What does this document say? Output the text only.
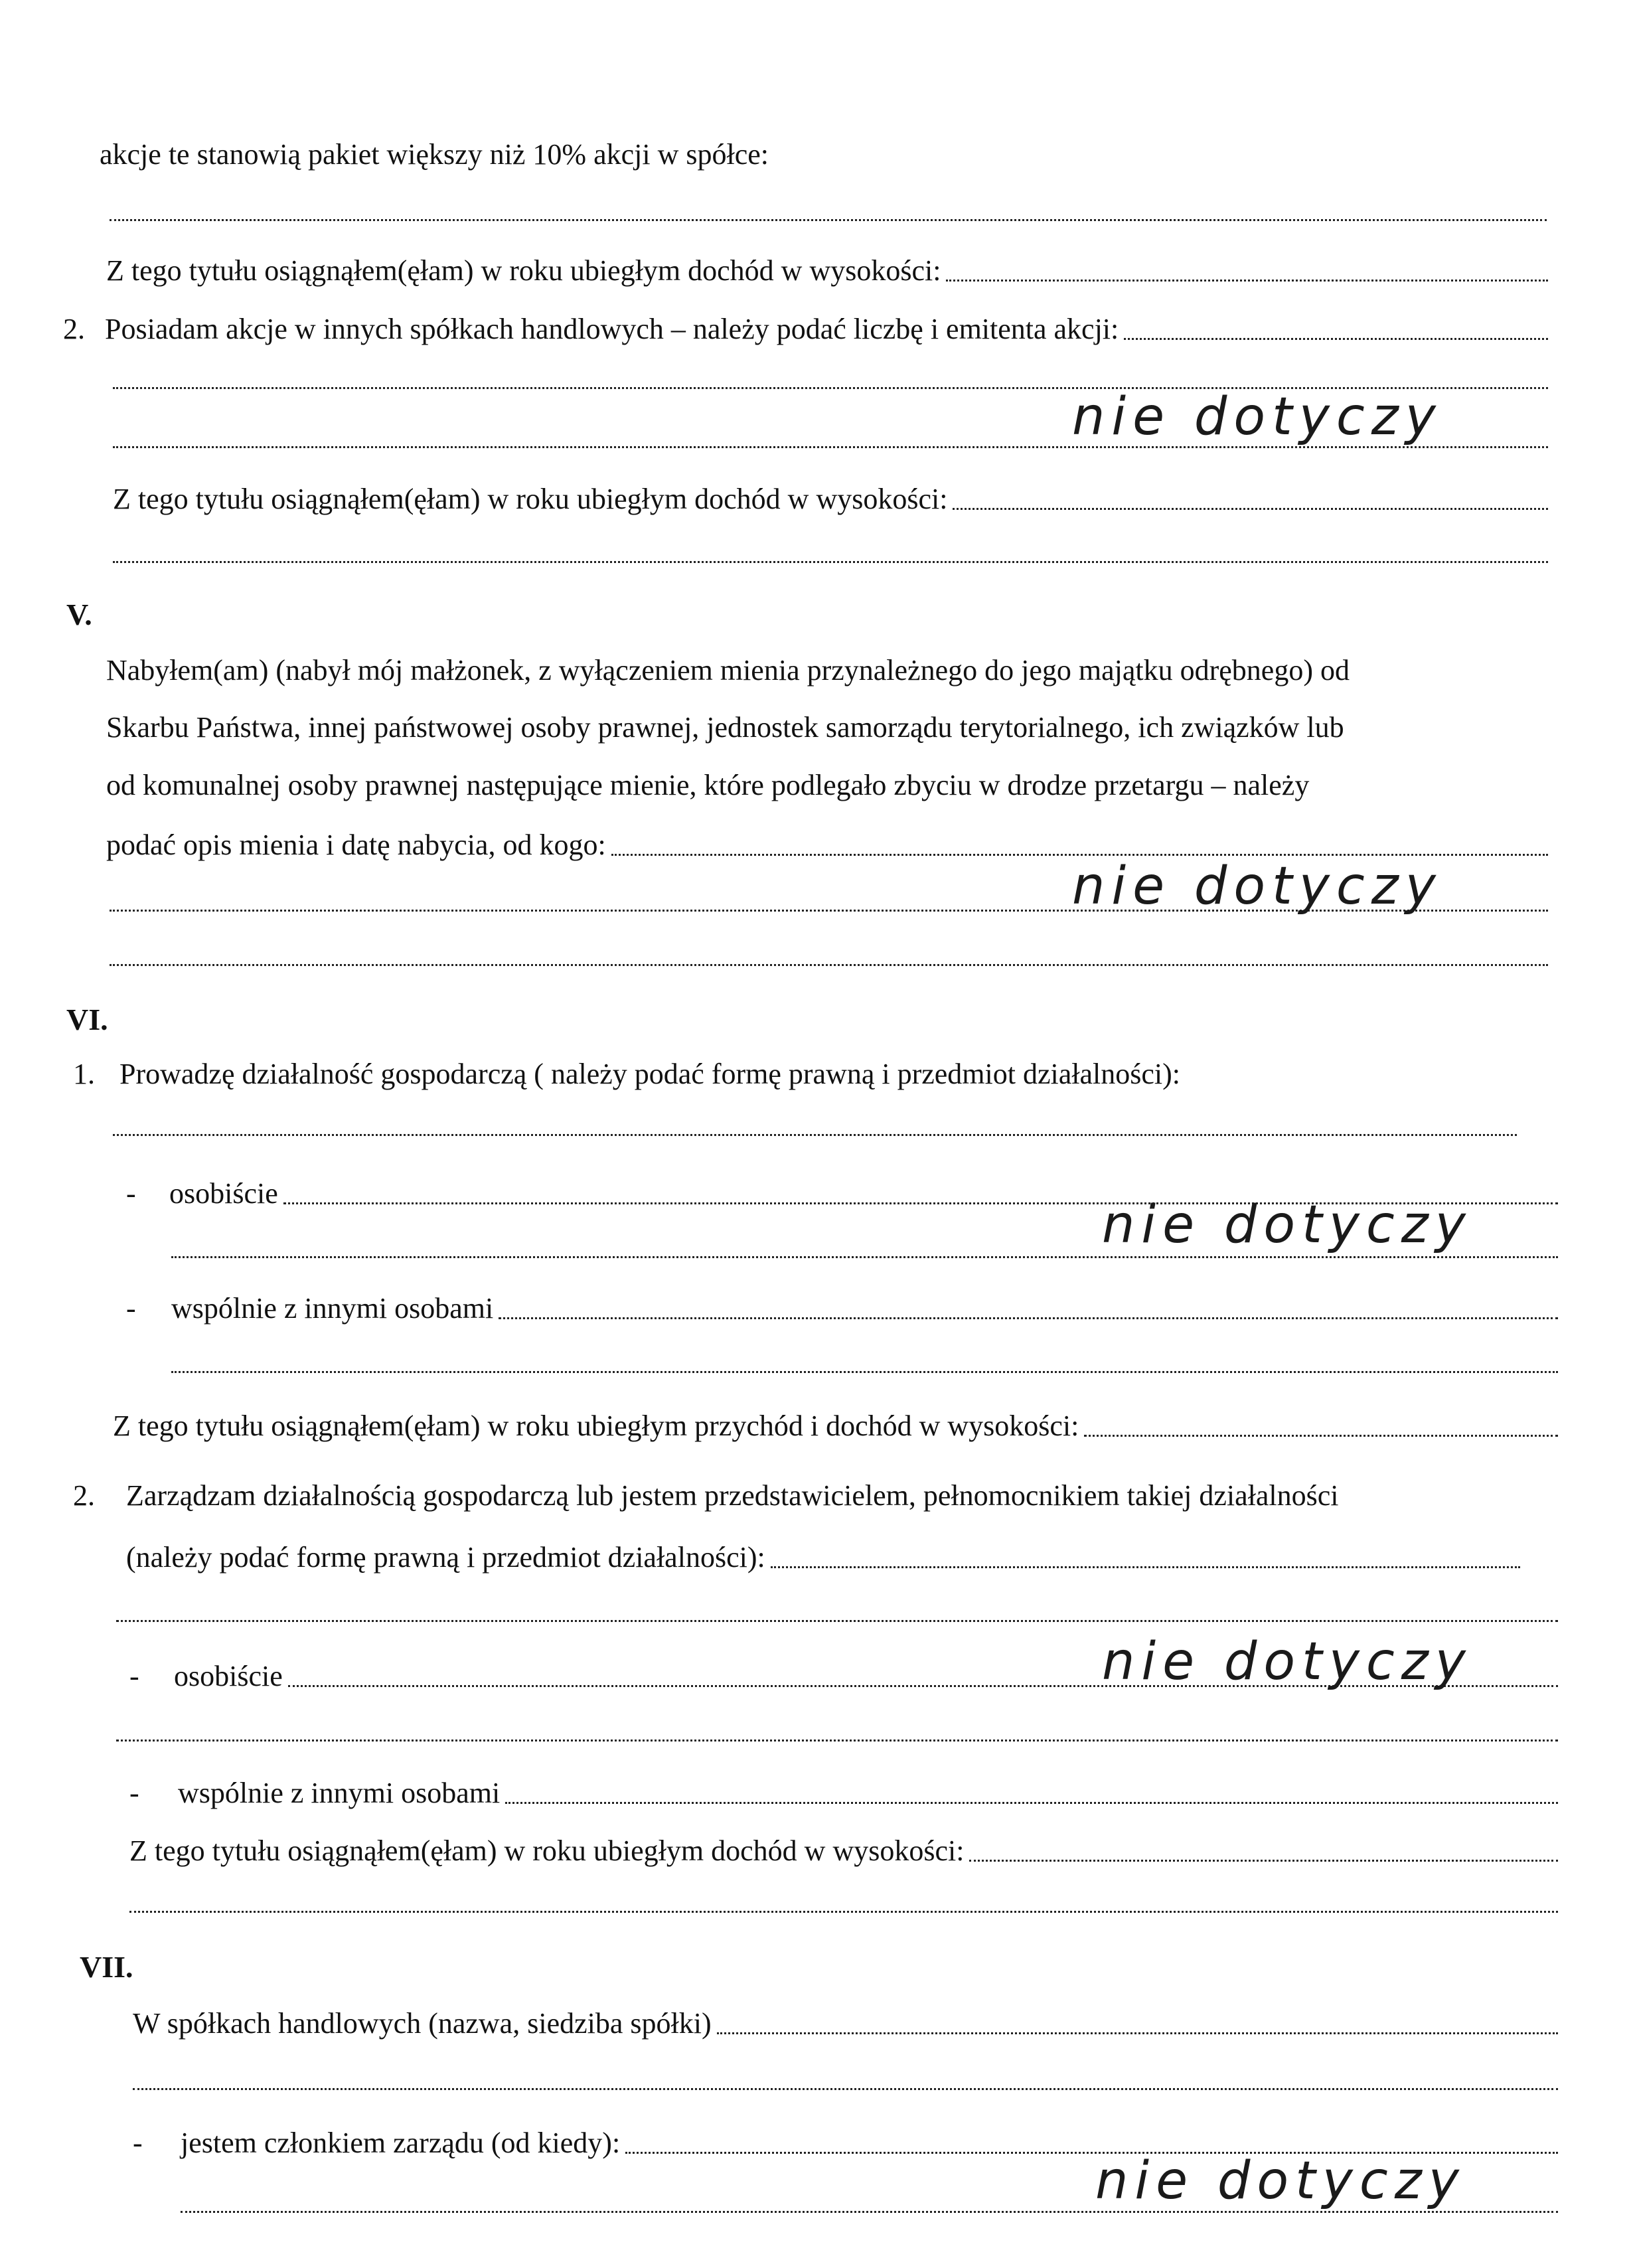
akcje te stanowią pakiet większy niż 10% akcji w spółce:
Z tego tytułu osiągnąłem(ęłam) w roku ubiegłym dochód w wysokości:
2. Posiadam akcje w innych spółkach handlowych – należy podać liczbę i emitenta akcji:
nie dotyczy
Z tego tytułu osiągnąłem(ęłam) w roku ubiegłym dochód w wysokości:
V.
Nabyłem(am) (nabył mój małżonek, z wyłączeniem mienia przynależnego do jego majątku odrębnego) od
Skarbu Państwa, innej państwowej osoby prawnej, jednostek samorządu terytorialnego, ich związków lub
od komunalnej osoby prawnej następujące mienie, które podlegało zbyciu w drodze przetargu – należy
podać opis mienia i datę nabycia, od kogo:
nie dotyczy
VI.
1. Prowadzę działalność gospodarczą ( należy podać formę prawną i przedmiot działalności):
- osobiście
nie dotyczy
- wspólnie z innymi osobami
Z tego tytułu osiągnąłem(ęłam) w roku ubiegłym przychód i dochód w wysokości:
2. Zarządzam działalnością gospodarczą lub jestem przedstawicielem, pełnomocnikiem takiej działalności
(należy podać formę prawną i przedmiot działalności):
- osobiście	nie dotyczy
- wspólnie z innymi osobami
Z tego tytułu osiągnąłem(ęłam) w roku ubiegłym dochód w wysokości:
VII.
W spółkach handlowych (nazwa, siedziba spółki)
- jestem członkiem zarządu (od kiedy):
nie dotyczy
